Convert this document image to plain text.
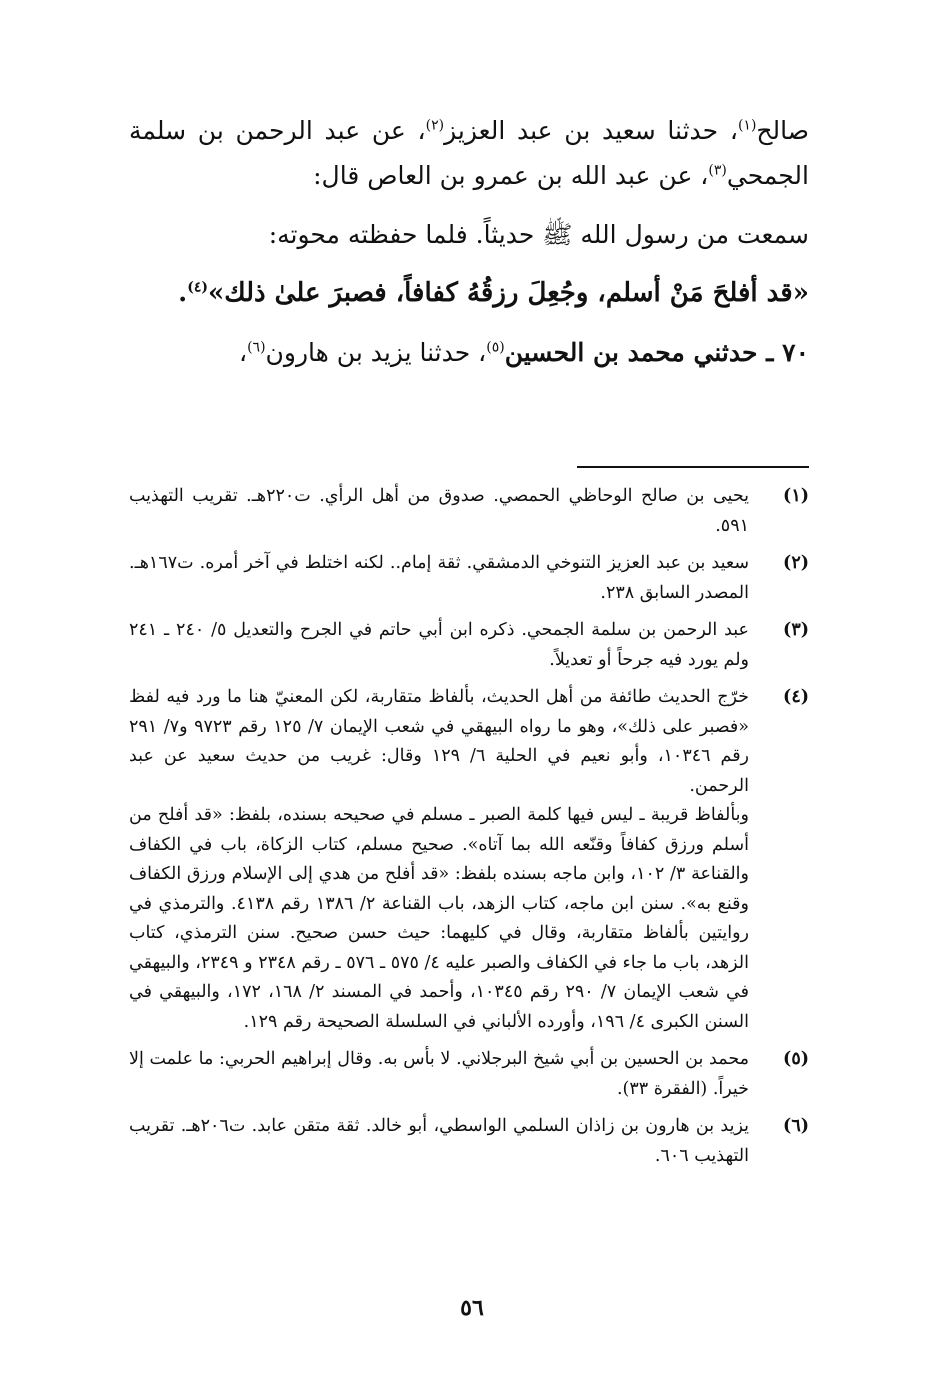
صالح$^{(١)}$، حدثنا سعيد بن عبد العزيز$^{(٢)}$، عن عبد الرحمن بن سلمة الجمحي$^{(٣)}$، عن عبد الله بن عمرو بن العاص قال:

سمعت من رسول الله ﷺ حديثاً. فلما حفظته محوته:

«قد أفلحَ مَنْ أسلم، وجُعِلَ رزقُهُ كفافاً، فصبرَ علىٰ ذلك»$^{(٤)}$.

٧٠ ـ حدثني محمد بن الحسين$^{(٥)}$، حدثنا يزيد بن هارون$^{(٦)}$،

(١)

يحيى بن صالح الوحاظي الحمصي. صدوق من أهل الرأي. ت٢٢٠هـ. تقريب التهذيب ٥٩١.

(٢)

سعيد بن عبد العزيز التنوخي الدمشقي. ثقة إمام.. لكنه اختلط في آخر أمره. ت١٦٧هـ. المصدر السابق ٢٣٨.

(٣)

عبد الرحمن بن سلمة الجمحي. ذكره ابن أبي حاتم في الجرح والتعديل ٥/ ٢٤٠ ـ ٢٤١ ولم يورد فيه جرحاً أو تعديلاً.

(٤)

خرّج الحديث طائفة من أهل الحديث، بألفاظ متقاربة، لكن المعنيّ هنا ما ورد فيه لفظ «فصبر على ذلك»، وهو ما رواه البيهقي في شعب الإيمان ٧/ ١٢٥ رقم ٩٧٢٣ و٧/ ٢٩١ رقم ١٠٣٤٦، وأبو نعيم في الحلية ٦/ ١٢٩ وقال: غريب من حديث سعيد عن عبد الرحمن.

وبألفاظ قريبة ـ ليس فيها كلمة الصبر ـ مسلم في صحيحه بسنده، بلفظ: «قد أفلح من أسلم ورزق كفافاً وقنّعه الله بما آتاه». صحيح مسلم، كتاب الزكاة، باب في الكفاف والقناعة ٣/ ١٠٢، وابن ماجه بسنده بلفظ: «قد أفلح من هدي إلى الإسلام ورزق الكفاف وقنع به». سنن ابن ماجه، كتاب الزهد، باب القناعة ٢/ ١٣٨٦ رقم ٤١٣٨. والترمذي في روايتين بألفاظ متقاربة، وقال في كليهما: حيث حسن صحيح. سنن الترمذي، كتاب الزهد، باب ما جاء في الكفاف والصبر عليه ٤/ ٥٧٥ ـ ٥٧٦ ـ رقم ٢٣٤٨ و ٢٣٤٩، والبيهقي في شعب الإيمان ٧/ ٢٩٠ رقم ١٠٣٤٥، وأحمد في المسند ٢/ ١٦٨، ١٧٢، والبيهقي في السنن الكبرى ٤/ ١٩٦، وأورده الألباني في السلسلة الصحيحة رقم ١٢٩.

(٥)

محمد بن الحسين بن أبي شيخ البرجلاني. لا بأس به. وقال إبراهيم الحربي: ما علمت إلا خيراً. (الفقرة ٣٣).

(٦)

يزيد بن هارون بن زاذان السلمي الواسطي، أبو خالد. ثقة متقن عابد. ت٢٠٦هـ. تقريب التهذيب ٦٠٦.

٥٦
